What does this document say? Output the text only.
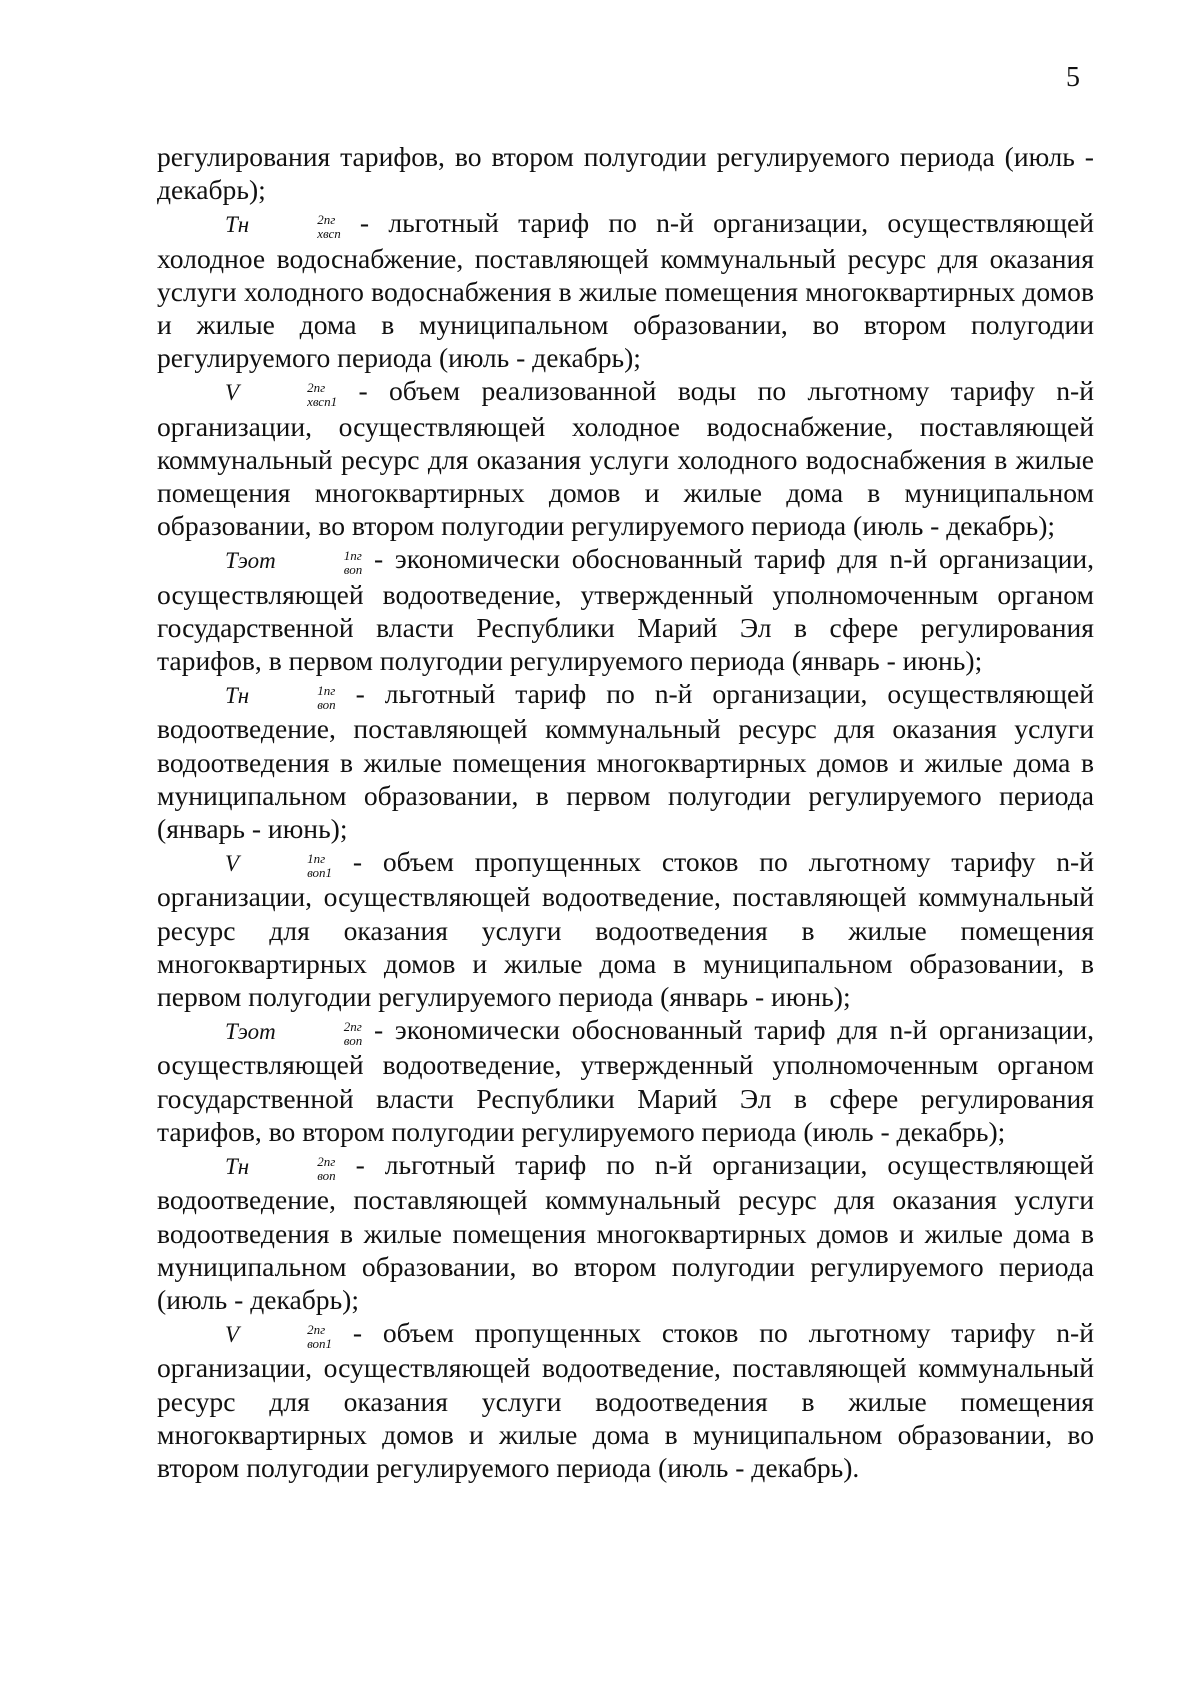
5

регулирования тарифов, во втором полугодии регулируемого периода (июль - декабрь);

Тн	2пг
хвсп - льготный тариф по n-й организации, осуществляющей холодное водоснабжение, поставляющей коммунальный ресурс для оказания услуги холодного водоснабжения в жилые помещения многоквартирных домов и жилые дома в муниципальном образовании, во втором полугодии регулируемого периода (июль - декабрь);

V	2пг
хвсп1 - объем реализованной воды по льготному тарифу n-й организации, осуществляющей холодное водоснабжение, поставляющей коммунальный ресурс для оказания услуги холодного водоснабжения в жилые помещения многоквартирных домов и жилые дома в муниципальном образовании, во втором полугодии регулируемого периода (июль - декабрь);

Тэот	1пг
воп - экономически обоснованный тариф для n-й организации, осуществляющей водоотведение, утвержденный уполномоченным органом государственной власти Республики Марий Эл в сфере регулирования тарифов, в первом полугодии регулируемого периода (январь - июнь);

Тн	1пг
воп - льготный тариф по n-й организации, осуществляющей водоотведение, поставляющей коммунальный ресурс для оказания услуги водоотведения в жилые помещения многоквартирных домов и жилые дома в муниципальном образовании, в первом полугодии регулируемого периода (январь - июнь);

V	1пг
воп1 - объем пропущенных стоков по льготному тарифу n-й организации, осуществляющей водоотведение, поставляющей коммунальный ресурс для оказания услуги водоотведения в жилые помещения многоквартирных домов и жилые дома в муниципальном образовании, в первом полугодии регулируемого периода (январь - июнь);

Тэот	2пг
воп - экономически обоснованный тариф для n-й организации, осуществляющей водоотведение, утвержденный уполномоченным органом государственной власти Республики Марий Эл в сфере регулирования тарифов, во втором полугодии регулируемого периода (июль - декабрь);

Тн	2пг
воп - льготный тариф по n-й организации, осуществляющей водоотведение, поставляющей коммунальный ресурс для оказания услуги водоотведения в жилые помещения многоквартирных домов и жилые дома в муниципальном образовании, во втором полугодии регулируемого периода (июль - декабрь);

V	2пг
воп1 - объем пропущенных стоков по льготному тарифу n-й организации, осуществляющей водоотведение, поставляющей коммунальный ресурс для оказания услуги водоотведения в жилые помещения многоквартирных домов и жилые дома в муниципальном образовании, во втором полугодии регулируемого периода (июль - декабрь).
